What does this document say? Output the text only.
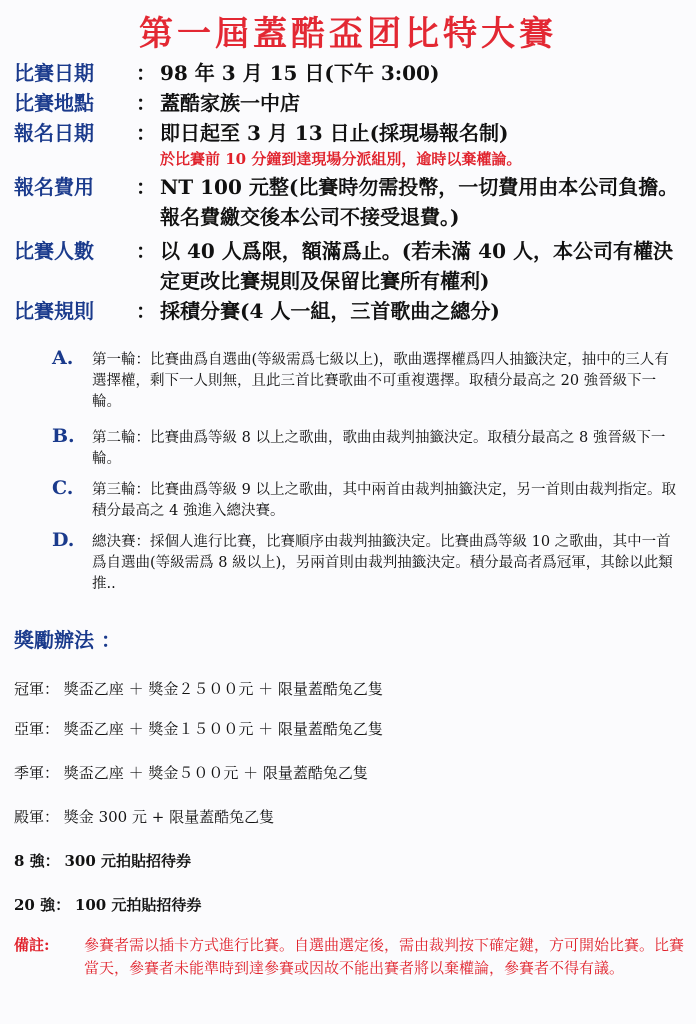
第一屆蓋酷盃团比特大賽
比賽日期	： 98 年 3 月 15 日(下午 3:00)
比賽地點	： 蓋酷家族一中店
報名日期	： 即日起至 3 月 13 日止(採現場報名制)
於比賽前 10 分鐘到達現場分派組別，逾時以棄權論。
報名費用	： NT 100 元整(比賽時勿需投幣，一切費用由本公司負擔。報名費繳交後本公司不接受退費。)
比賽人數	： 以 40 人爲限，額滿爲止。(若未滿 40 人，本公司有權決定更改比賽規則及保留比賽所有權利)
比賽規則	： 採積分賽(4 人一組，三首歌曲之總分)
A. 第一輪：比賽曲爲自選曲(等級需爲七級以上)，歌曲選擇權爲四人抽籤決定，抽中的三人有選擇權，剩下一人則無，且此三首比賽歌曲不可重複選擇。取積分最高之 20 強晉級下一輪。
B. 第二輪：比賽曲爲等級 8 以上之歌曲，歌曲由裁判抽籤決定。取積分最高之 8 強晉級下一輪。
C. 第三輪：比賽曲爲等級 9 以上之歌曲，其中兩首由裁判抽籤決定，另一首則由裁判指定。取積分最高之 4 強進入總決賽。
D. 總決賽：採個人進行比賽，比賽順序由裁判抽籤決定。比賽曲爲等級 10 之歌曲，其中一首爲自選曲(等級需爲 8 級以上)，另兩首則由裁判抽籤決定。積分最高者爲冠軍，其餘以此類推..
獎勵辦法 ：
冠軍： 獎盃乙座 ＋ 獎金２５００元 ＋ 限量蓋酷兔乙隻
亞軍： 獎盃乙座 ＋ 獎金１５００元 ＋ 限量蓋酷兔乙隻
季軍： 獎盃乙座 ＋ 獎金５００元 ＋ 限量蓋酷兔乙隻
殿軍： 獎金 300 元 + 限量蓋酷兔乙隻
8 強： 300 元拍貼招待券
20 強： 100 元拍貼招待券
備註: 參賽者需以插卡方式進行比賽。自選曲選定後，需由裁判按下確定鍵，方可開始比賽。比賽當天，參賽者未能準時到達參賽或因故不能出賽者將以棄權論，參賽者不得有議。
